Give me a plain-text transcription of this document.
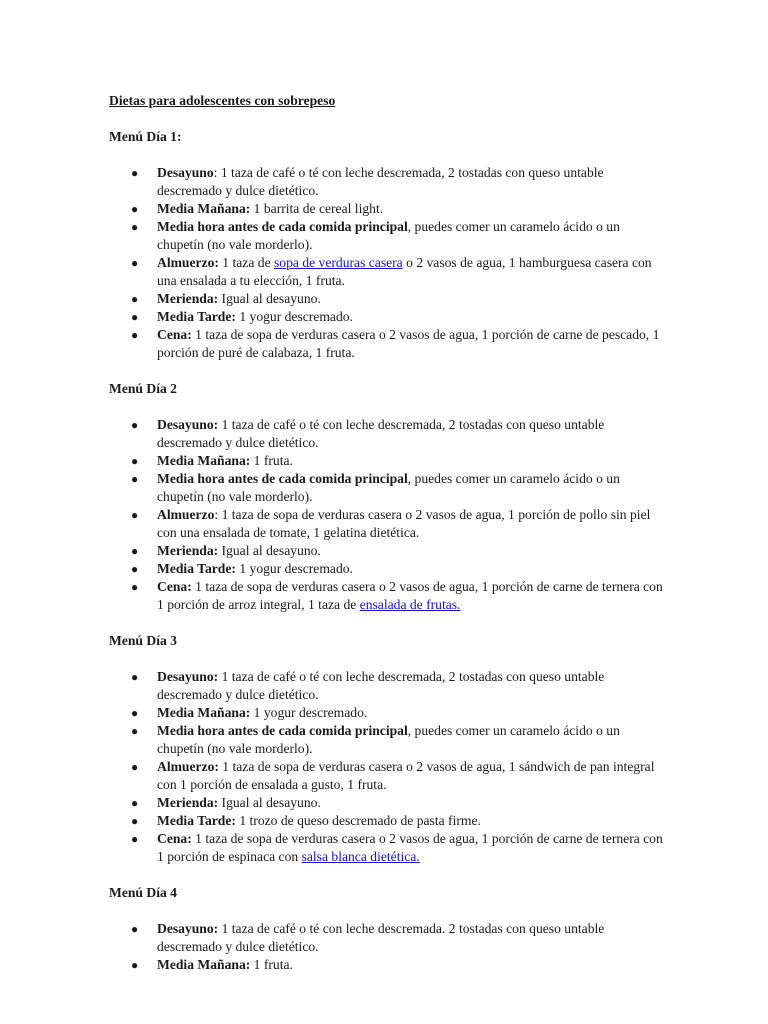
Dietas para adolescentes con sobrepeso

Menú Día 1:

● Desayuno: 1 taza de café o té con leche descremada, 2 tostadas con queso untable descremado y dulce dietético.
● Media Mañana: 1 barrita de cereal light.
● Media hora antes de cada comida principal, puedes comer un caramelo ácido o un chupetín (no vale morderlo).
● Almuerzo: 1 taza de sopa de verduras casera o 2 vasos de agua, 1 hamburguesa casera con una ensalada a tu elección, 1 fruta.
● Merienda: Igual al desayuno.
● Media Tarde: 1 yogur descremado.
● Cena: 1 taza de sopa de verduras casera o 2 vasos de agua, 1 porción de carne de pescado, 1 porción de puré de calabaza, 1 fruta.

Menú Día 2

● Desayuno: 1 taza de café o té con leche descremada, 2 tostadas con queso untable descremado y dulce dietético.
● Media Mañana: 1 fruta.
● Media hora antes de cada comida principal, puedes comer un caramelo ácido o un chupetín (no vale morderlo).
● Almuerzo: 1 taza de sopa de verduras casera o 2 vasos de agua, 1 porción de pollo sin piel con una ensalada de tomate, 1 gelatina dietética.
● Merienda: Igual al desayuno.
● Media Tarde: 1 yogur descremado.
● Cena: 1 taza de sopa de verduras casera o 2 vasos de agua, 1 porción de carne de ternera con 1 porción de arroz integral, 1 taza de ensalada de frutas.

Menú Día 3

● Desayuno: 1 taza de café o té con leche descremada, 2 tostadas con queso untable descremado y dulce dietético.
● Media Mañana: 1 yogur descremado.
● Media hora antes de cada comida principal, puedes comer un caramelo ácido o un chupetín (no vale morderlo).
● Almuerzo: 1 taza de sopa de verduras casera o 2 vasos de agua, 1 sándwich de pan integral con 1 porción de ensalada a gusto, 1 fruta.
● Merienda: Igual al desayuno.
● Media Tarde: 1 trozo de queso descremado de pasta firme.
● Cena: 1 taza de sopa de verduras casera o 2 vasos de agua, 1 porción de carne de ternera con 1 porción de espinaca con salsa blanca dietética.

Menú Día 4

● Desayuno: 1 taza de café o té con leche descremada. 2 tostadas con queso untable descremado y dulce dietético.
● Media Mañana: 1 fruta.
